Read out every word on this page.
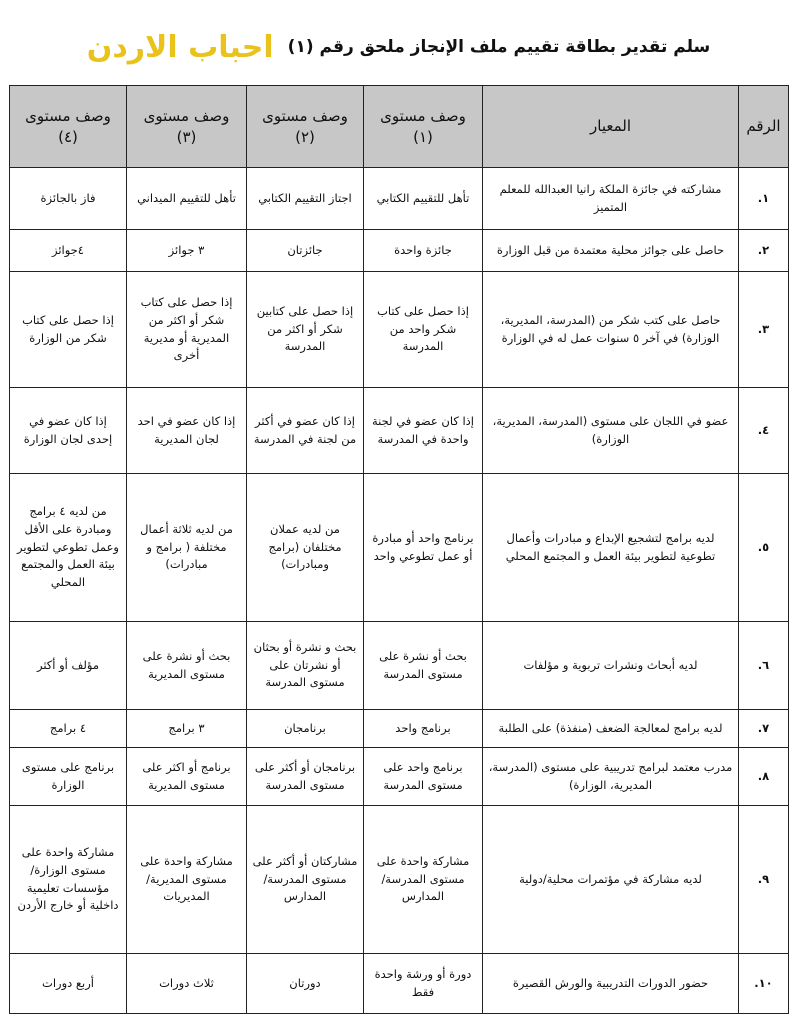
سلم تقدير بطاقة تقييم ملف الإنجاز ملحق رقم (١)
احباب الاردن
الرقم	المعيار	وصف مستوى (١)	وصف مستوى (٢)	وصف مستوى (٣)	وصف مستوى (٤)
١.	مشاركته في جائزة الملكة رانيا العبدالله للمعلم المتميز	تأهل للتقييم الكتابي	اجتاز التقييم الكتابي	تأهل للتقييم الميداني	فاز بالجائزة
٢.	حاصل على جوائز محلية معتمدة من قبل الوزارة	جائزة واحدة	جائزتان	٣ جوائز	٤جوائز
٣.	حاصل على كتب شكر من (المدرسة، المديرية، الوزارة) في آخر ٥ سنوات عمل له في الوزارة	إذا حصل على كتاب شكر واحد من المدرسة	إذا حصل على كتابين شكر أو اكثر من المدرسة	إذا حصل على كتاب شكر أو اكثر من المديرية أو مديرية أخرى	إذا حصل على كتاب شكر من الوزارة
٤.	عضو في اللجان على مستوى (المدرسة، المديرية، الوزارة)	إذا كان عضو في لجنة واحدة في المدرسة	إذا كان عضو في أكثر من لجنة في المدرسة	إذا كان عضو في احد لجان المديرية	إذا كان عضو في إحدى لجان الوزارة
٥.	لديه برامج لتشجيع الإبداع و مبادرات وأعمال تطوعية لتطوير بيئة العمل و المجتمع المحلي	برنامج واحد أو مبادرة أو عمل تطوعي واحد	من لديه عملان مختلفان (برامج ومبادرات)	من لديه ثلاثة أعمال مختلفة ( برامج و مبادرات)	من لديه ٤ برامج ومبادرة على الأقل وعمل تطوعي لتطوير بيئة العمل والمجتمع المحلي
٦.	لديه أبحاث ونشرات تربوية و مؤلفات	بحث أو نشرة على مستوى المدرسة	بحث و نشرة أو بحثان أو نشرتان على مستوى المدرسة	بحث أو نشرة على مستوى المديرية	مؤلف أو أكثر
٧.	لديه برامج لمعالجة الضعف (منفذة) على الطلبة	برنامج واحد	برنامجان	٣ برامج	٤ برامج
٨.	مدرب معتمد لبرامج تدريبية على مستوى (المدرسة، المديرية، الوزارة)	برنامج واحد على مستوى المدرسة	برنامجان أو أكثر على مستوى المدرسة	برنامج أو اكثر على مستوى المديرية	برنامج على مستوى الوزارة
٩.	لديه مشاركة في مؤتمرات محلية/دولية	مشاركة واحدة على مستوى المدرسة/المدارس	مشاركتان أو أكثر على مستوى المدرسة/المدارس	مشاركة واحدة على مستوى المديرية/المديريات	مشاركة واحدة على مستوى الوزارة/مؤسسات تعليمية داخلية أو خارج الأردن
١٠.	حضور الدورات التدريبية والورش القصيرة	دورة أو ورشة واحدة فقط	دورتان	ثلاث دورات	أربع دورات
